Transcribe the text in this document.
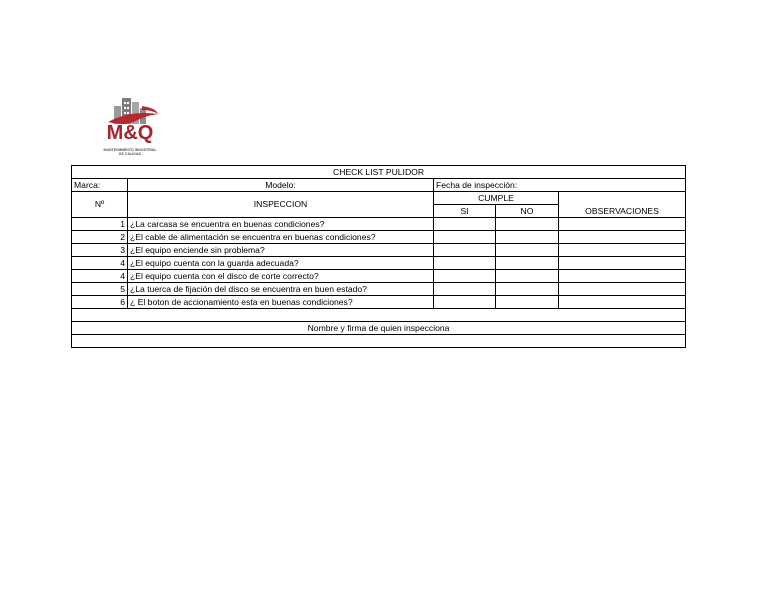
M&Q
MANTENIMIENTO INDUSTRIAL
DE CALIDAD
CHECK LIST PULIDOR				
Marca:	Modelo:	Fecha de inspección:		
Nº	INSPECCION	CUMPLE		OBSERVACIONES
		SI	NO	
1	¿La carcasa se encuentra en buenas condiciones?			
2	¿El cable de alimentación se encuentra en buenas condiciones?			
3	¿El equipo enciende sin problema?			
4	¿El equipo cuenta con la guarda adecuada?			
4	¿El equipo cuenta con el disco de corte correcto?			
5	¿La tuerca de fijación del disco se encuentra en buen estado?			
6	¿ El boton de accionamiento esta en buenas condiciones?			

Nombre y firma de quien inspecciona				
